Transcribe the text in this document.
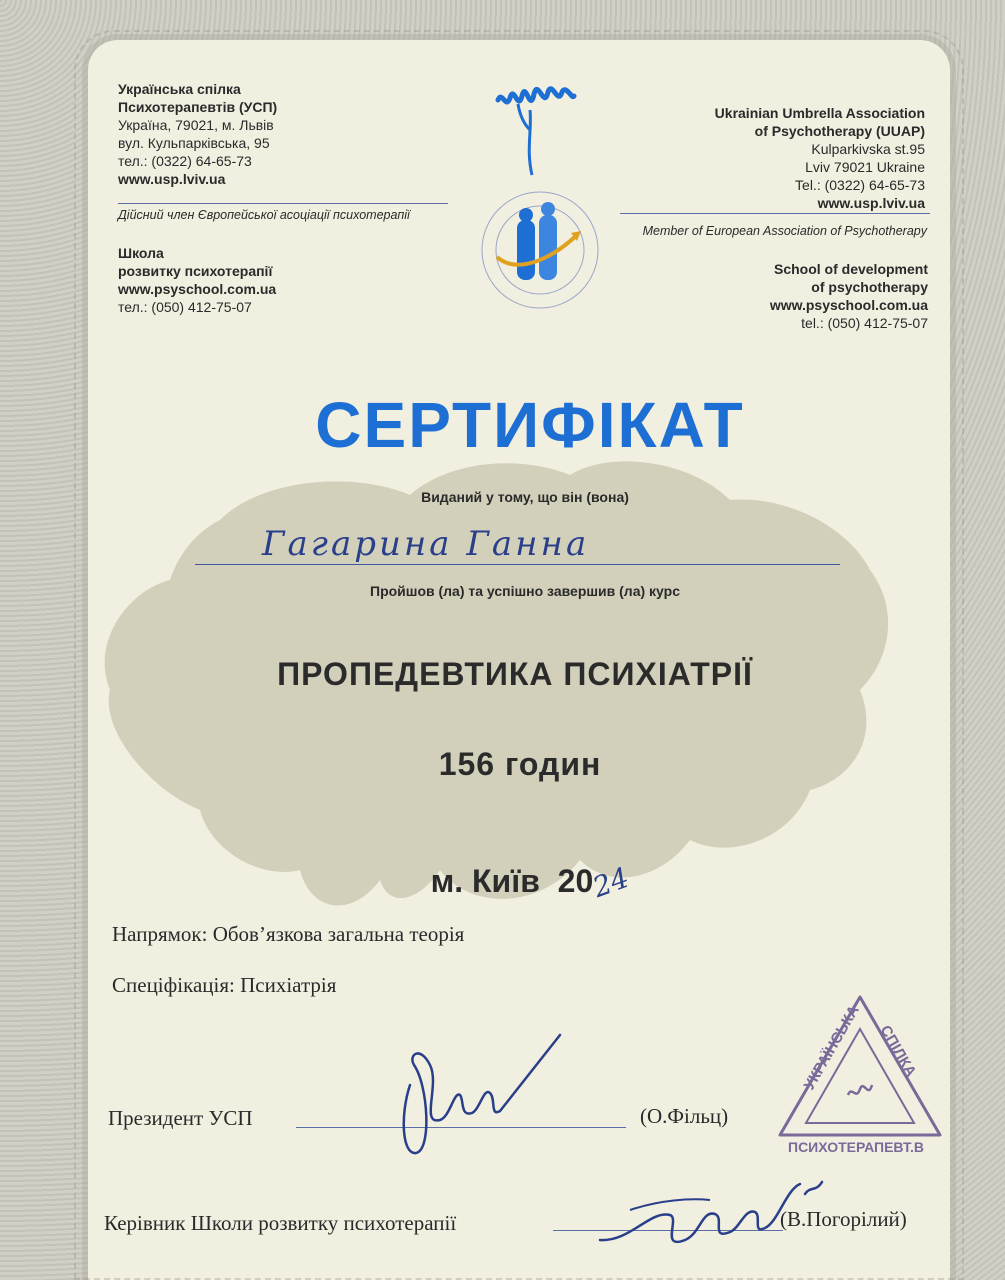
Українська спілка
Психотерапевтів (УСП)
Україна, 79021, м. Львів
вул. Кульпарківська, 95
тел.: (0322) 64-65-73
www.usp.lviv.ua
Дійсний член Європейської асоціації психотерапії
Школа
розвитку психотерапії
www.psyschool.com.ua
тел.: (050) 412-75-07
Ukrainian Umbrella Association
of Psychotherapy (UUAP)
Kulparkivska st.95
Lviv 79021 Ukraine
Tel.: (0322) 64-65-73
www.usp.lviv.ua
Member of European Association of Psychotherapy
School of development
of psychotherapy
www.psyschool.com.ua
tel.: (050) 412-75-07
СЕРТИФІКАТ
Виданий у тому, що він (вона)
Гагарина Ганна
Пройшов (ла) та успішно завершив (ла) курс
ПРОПЕДЕВТИКА ПСИХІАТРІЇ
156 годин

м. Київ  2024

Напрямок: Обов’язкова загальна теорія
Спеціфікація: Психіатрія
Президент УСП	(О.Фільц)
Керівник Школи розвитку психотерапії	(В.Погорілий)
УКРАЇНСЬКА СПІЛКА
ПСИХОТЕРАПЕВТ.В
